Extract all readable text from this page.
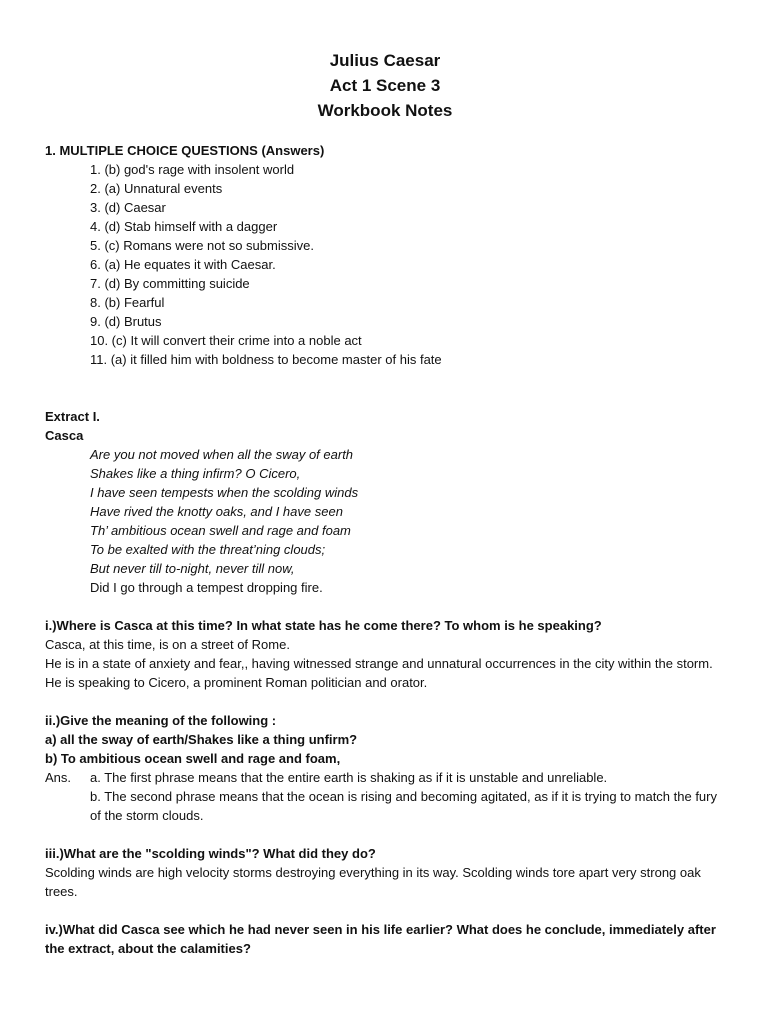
Julius Caesar
Act 1 Scene 3
Workbook Notes
1. MULTIPLE CHOICE QUESTIONS (Answers)
1. (b) god's rage with insolent world
2. (a) Unnatural events
3. (d) Caesar
4. (d) Stab himself with a dagger
5. (c) Romans were not so submissive.
6. (a) He equates it with Caesar.
7. (d) By committing suicide
8. (b) Fearful
9. (d) Brutus
10. (c) It will convert their crime into a noble act
11. (a) it filled him with boldness to become master of his fate
Extract I.
Casca
Are you not moved when all the sway of earth
Shakes like a thing infirm? O Cicero,
I have seen tempests when the scolding winds
Have rived the knotty oaks, and I have seen
Th’ ambitious ocean swell and rage and foam
To be exalted with the threat’ning clouds;
But never till to-night, never till now,
Did I go through a tempest dropping fire.
i.)Where is Casca at this time? In what state has he come there? To whom is he speaking?
Casca, at this time, is on a street of Rome.
He is in a state of anxiety and fear,, having witnessed strange and unnatural occurrences in the city within the storm.
He is speaking to Cicero, a prominent Roman politician and orator.
ii.)Give the meaning of the following :
a) all the sway of earth/Shakes like a thing unfirm?
b) To ambitious ocean swell and rage and foam,
Ans.	a. The first phrase means that the entire earth is shaking as if it is unstable and unreliable.
b. The second phrase means that the ocean is rising and becoming agitated, as if it is trying to match the fury of the storm clouds.
iii.)What are the "scolding winds"? What did they do?
Scolding winds are high velocity storms destroying everything in its way. Scolding winds tore apart very strong oak trees.
iv.)What did Casca see which he had never seen in his life earlier? What does he conclude, immediately after the extract, about the calamities?
